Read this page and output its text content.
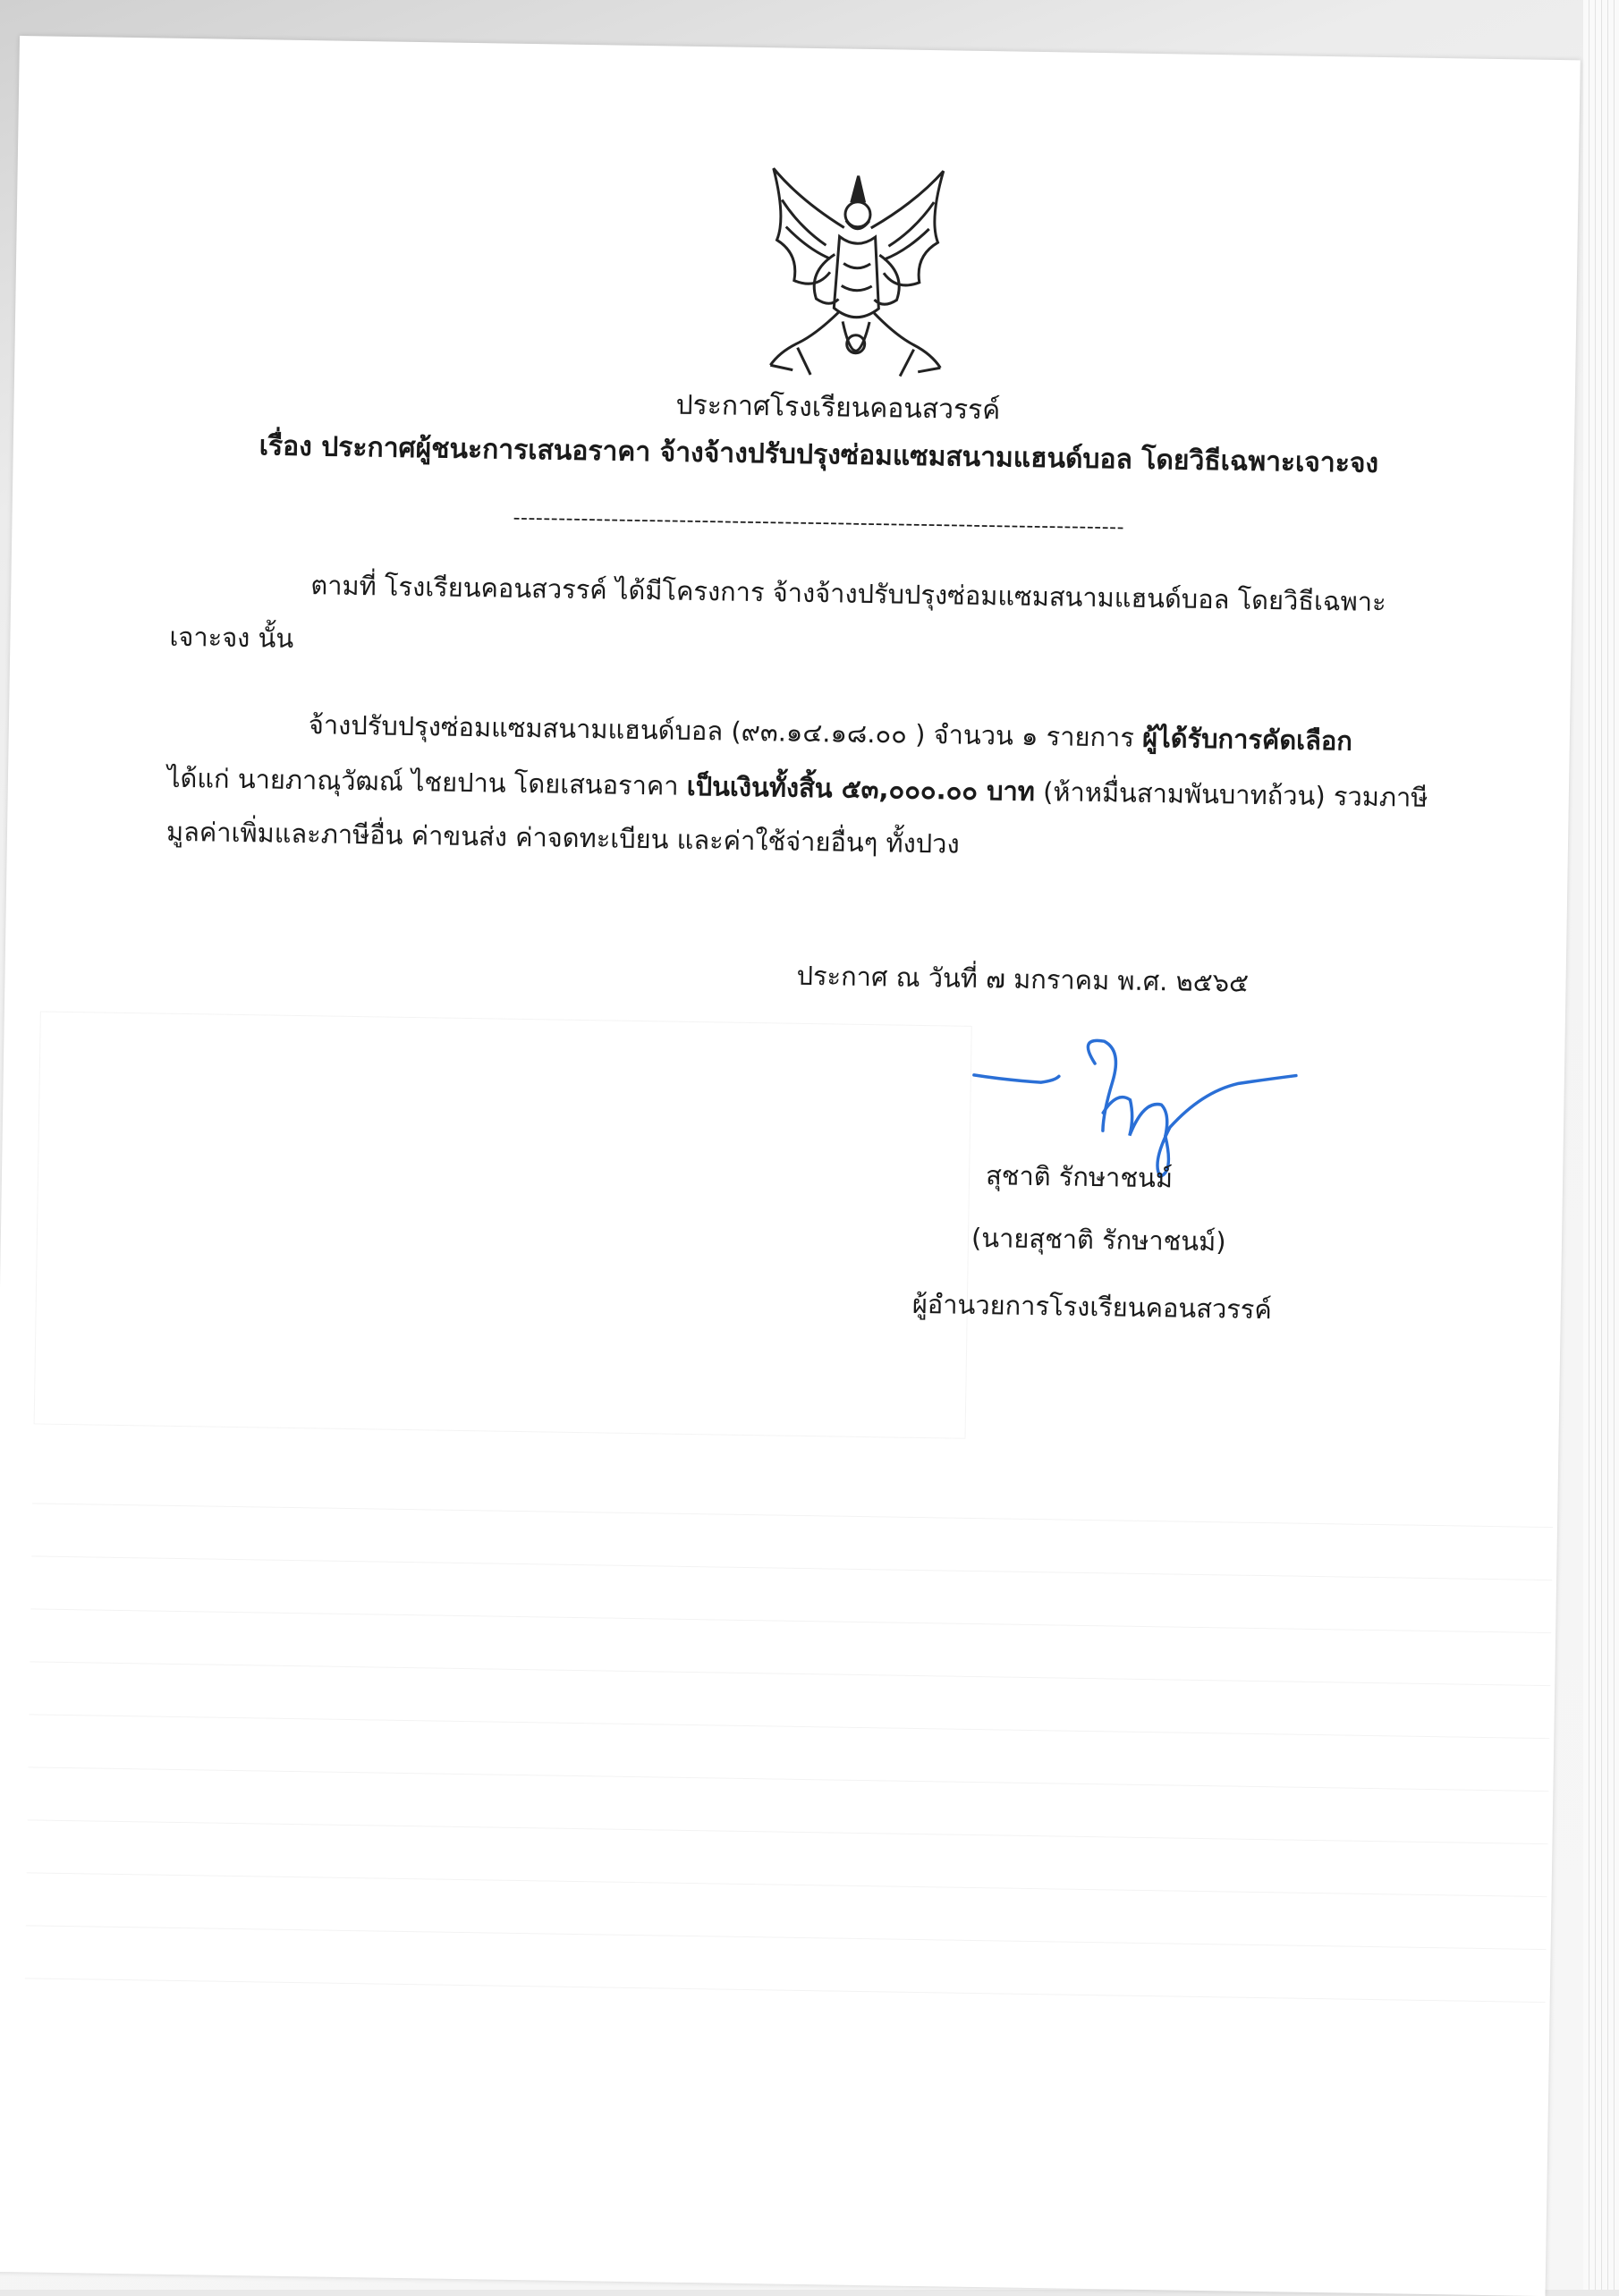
ประกาศโรงเรียนคอนสวรรค์
เรื่อง ประกาศผู้ชนะการเสนอราคา จ้างจ้างปรับปรุงซ่อมแซมสนามแฮนด์บอล โดยวิธีเฉพาะเจาะจง
---------------------------------------------------------------------------------
ตามที่ โรงเรียนคอนสวรรค์ ได้มีโครงการ จ้างจ้างปรับปรุงซ่อมแซมสนามแฮนด์บอล โดยวิธีเฉพาะ
เจาะจง นั้น
จ้างปรับปรุงซ่อมแซมสนามแฮนด์บอล (๙๓.๑๔.๑๘.๐๐ ) จำนวน ๑ รายการ ผู้ได้รับการคัดเลือก
ได้แก่ นายภาณุวัฒณ์ ไชยปาน โดยเสนอราคา เป็นเงินทั้งสิ้น ๕๓,๐๐๐.๐๐ บาท (ห้าหมื่นสามพันบาทถ้วน) รวมภาษี
มูลค่าเพิ่มและภาษีอื่น ค่าขนส่ง ค่าจดทะเบียน และค่าใช้จ่ายอื่นๆ ทั้งปวง
ประกาศ ณ วันที่ ๗ มกราคม พ.ศ. ๒๕๖๕
สุชาติ รักษาชนม์
(นายสุชาติ รักษาชนม์)
ผู้อำนวยการโรงเรียนคอนสวรรค์
